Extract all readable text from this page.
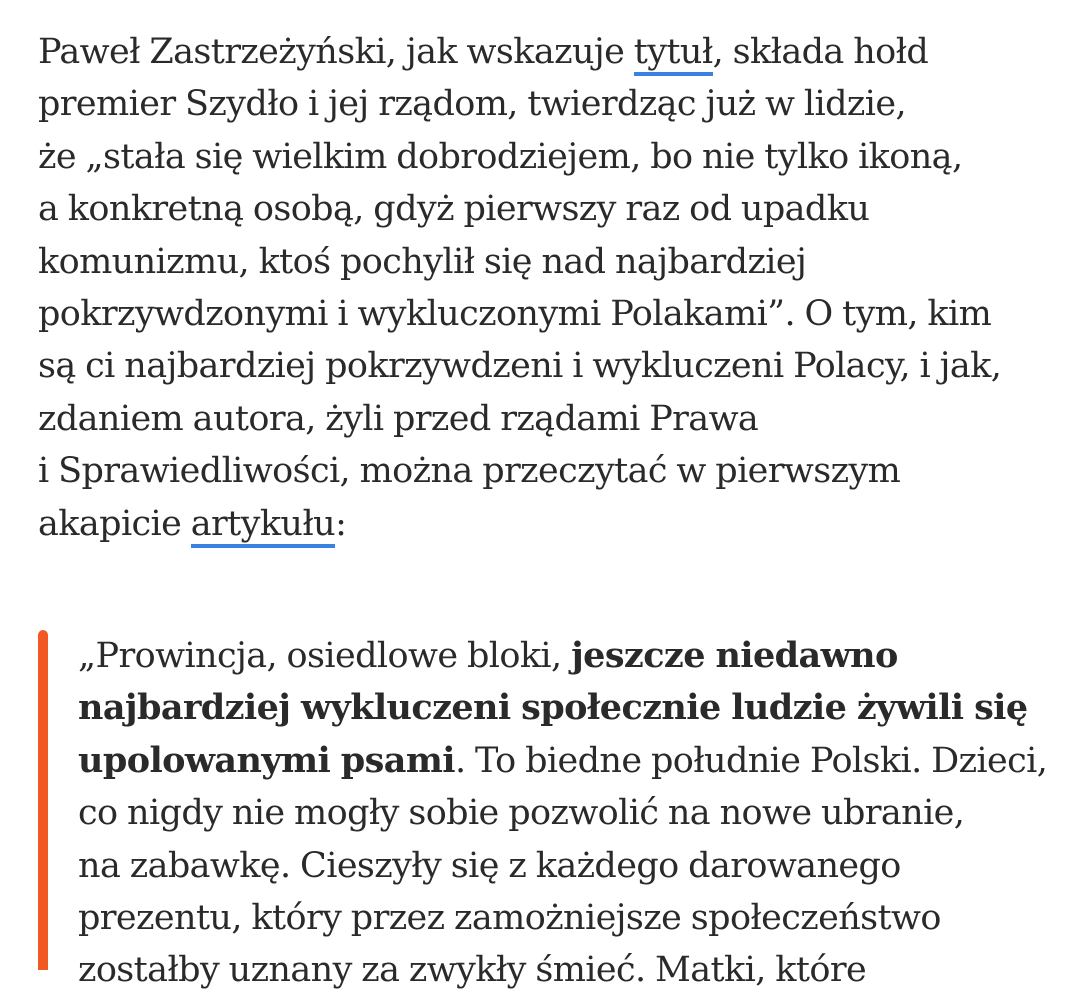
Paweł Zastrzeżyński, jak wskazuje tytuł, składa hołd
premier Szydło i jej rządom, twierdząc już w lidzie,
że „stała się wielkim dobrodziejem, bo nie tylko ikoną,
a konkretną osobą, gdyż pierwszy raz od upadku
komunizmu, ktoś pochylił się nad najbardziej
pokrzywdzonymi i wykluczonymi Polakami”. O tym, kim
są ci najbardziej pokrzywdzeni i wykluczeni Polacy, i jak,
zdaniem autora, żyli przed rządami Prawa
i Sprawiedliwości, można przeczytać w pierwszym
akapicie artykułu:

„Prowincja, osiedlowe bloki, jeszcze niedawno
najbardziej wykluczeni społecznie ludzie żywili się
upolowanymi psami. To biedne południe Polski. Dzieci,
co nigdy nie mogły sobie pozwolić na nowe ubranie,
na zabawkę. Cieszyły się z każdego darowanego
prezentu, który przez zamożniejsze społeczeństwo
zostałby uznany za zwykły śmieć. Matki, które
